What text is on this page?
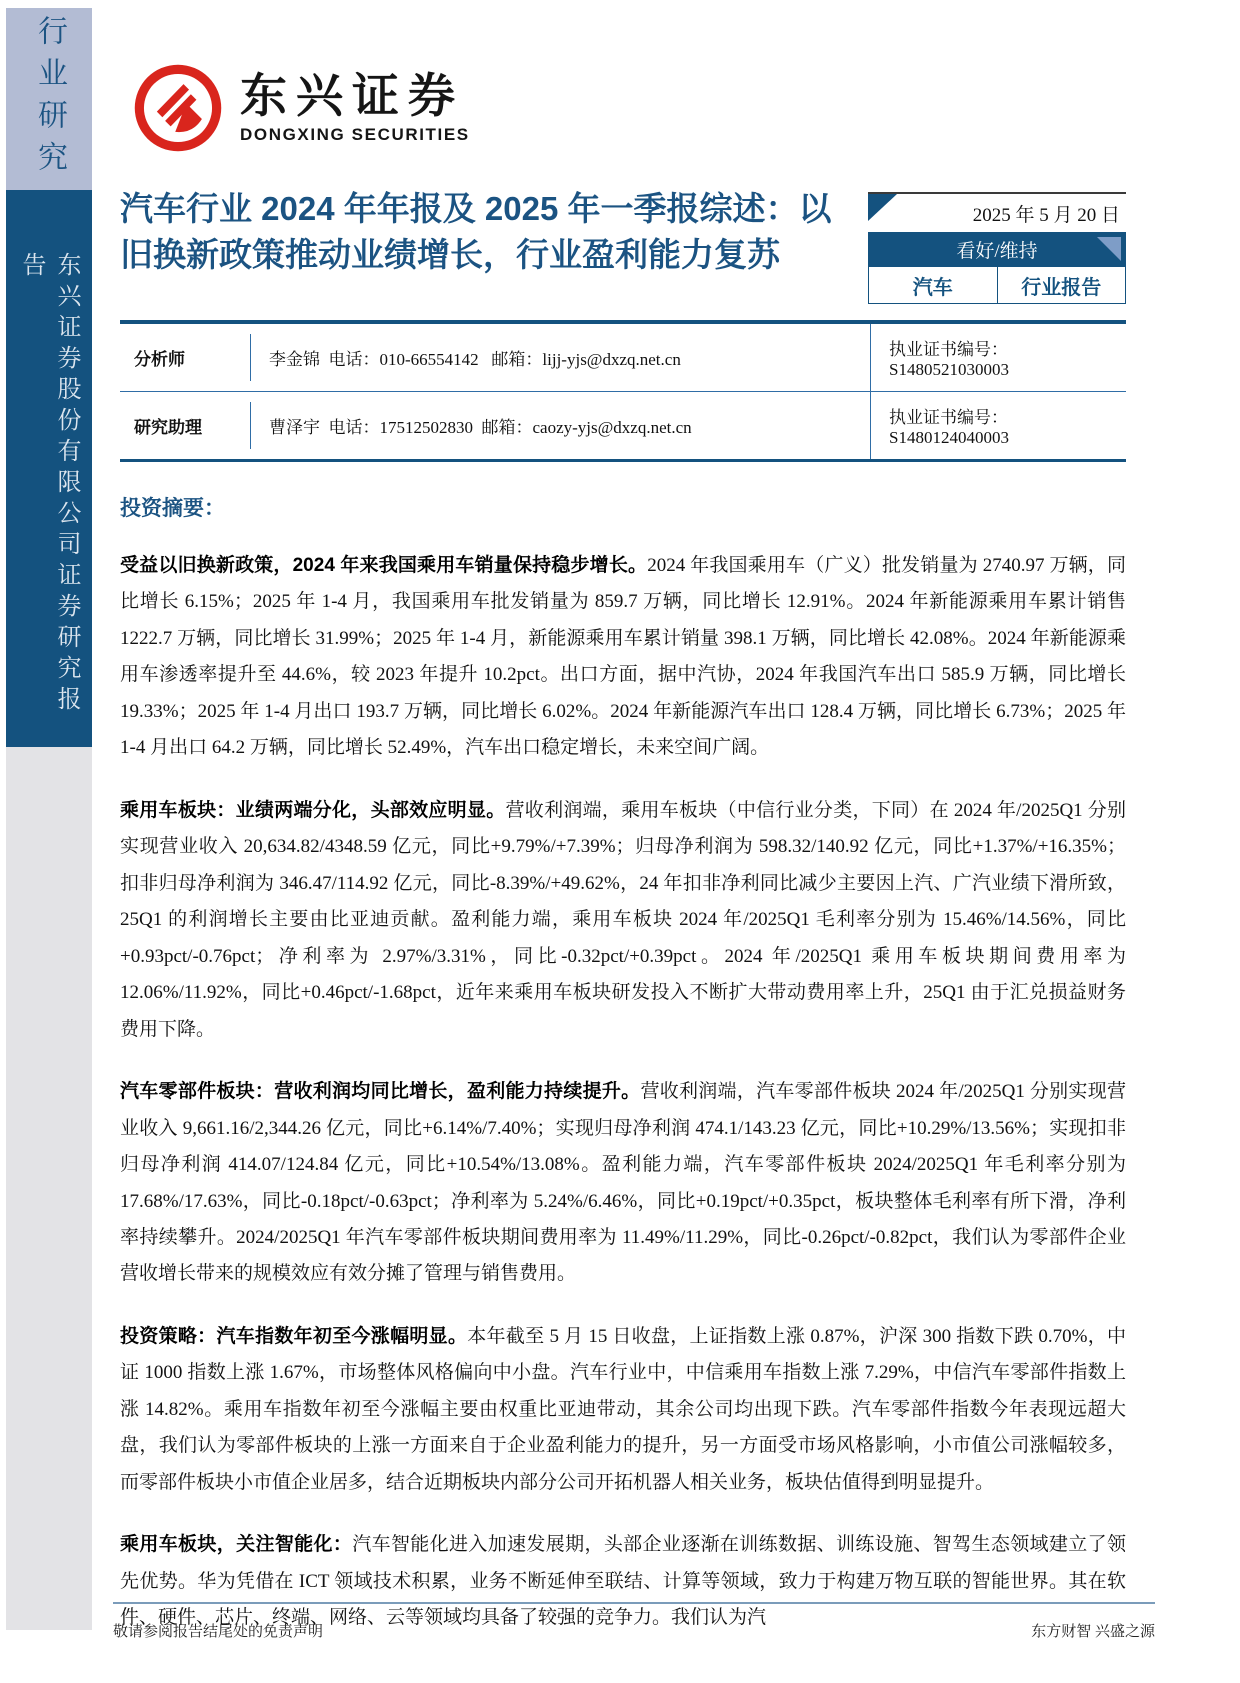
行业研究
东兴证券股份有限公司证券研究报告
东兴证券
DONGXING SECURITIES
汽车行业 2024 年年报及 2025 年一季报综述：以旧换新政策推动业绩增长，行业盈利能力复苏
2025 年 5 月 20 日
看好/维持
汽车	行业报告
分析师	李金锦  电话：010-66554142   邮箱：lijj-yjs@dxzq.net.cn
执业证书编号：S1480521030003
研究助理	曹泽宇  电话：17512502830  邮箱：caozy-yjs@dxzq.net.cn
执业证书编号：S1480124040003
投资摘要：

受益以旧换新政策，2024 年来我国乘用车销量保持稳步增长。2024 年我国乘用车（广义）批发销量为 2740.97 万辆，同比增长 6.15%；2025 年 1-4 月，我国乘用车批发销量为 859.7 万辆，同比增长 12.91%。2024 年新能源乘用车累计销售 1222.7 万辆，同比增长 31.99%；2025 年 1-4 月，新能源乘用车累计销量 398.1 万辆，同比增长 42.08%。2024 年新能源乘用车渗透率提升至 44.6%，较 2023 年提升 10.2pct。出口方面，据中汽协，2024 年我国汽车出口 585.9 万辆，同比增长 19.33%；2025 年 1-4 月出口 193.7 万辆，同比增长 6.02%。2024 年新能源汽车出口 128.4 万辆，同比增长 6.73%；2025 年 1-4 月出口 64.2 万辆，同比增长 52.49%，汽车出口稳定增长，未来空间广阔。

乘用车板块：业绩两端分化，头部效应明显。营收利润端，乘用车板块（中信行业分类，下同）在 2024 年/2025Q1 分别实现营业收入 20,634.82/4348.59 亿元，同比+9.79%/+7.39%；归母净利润为 598.32/140.92 亿元，同比+1.37%/+16.35%；扣非归母净利润为 346.47/114.92 亿元，同比-8.39%/+49.62%，24 年扣非净利同比减少主要因上汽、广汽业绩下滑所致，25Q1 的利润增长主要由比亚迪贡献。盈利能力端，乘用车板块 2024 年/2025Q1 毛利率分别为 15.46%/14.56%，同比+0.93pct/-0.76pct；净利率为 2.97%/3.31%，同比-0.32pct/+0.39pct。2024 年/2025Q1 乘用车板块期间费用率为 12.06%/11.92%，同比+0.46pct/-1.68pct，近年来乘用车板块研发投入不断扩大带动费用率上升，25Q1 由于汇兑损益财务费用下降。

汽车零部件板块：营收利润均同比增长，盈利能力持续提升。营收利润端，汽车零部件板块 2024 年/2025Q1 分别实现营业收入 9,661.16/2,344.26 亿元，同比+6.14%/7.40%；实现归母净利润 474.1/143.23 亿元，同比+10.29%/13.56%；实现扣非归母净利润 414.07/124.84 亿元，同比+10.54%/13.08%。盈利能力端，汽车零部件板块 2024/2025Q1 年毛利率分别为 17.68%/17.63%，同比-0.18pct/-0.63pct；净利率为 5.24%/6.46%，同比+0.19pct/+0.35pct，板块整体毛利率有所下滑，净利率持续攀升。2024/2025Q1 年汽车零部件板块期间费用率为 11.49%/11.29%，同比-0.26pct/-0.82pct，我们认为零部件企业营收增长带来的规模效应有效分摊了管理与销售费用。

投资策略：汽车指数年初至今涨幅明显。本年截至 5 月 15 日收盘，上证指数上涨 0.87%，沪深 300 指数下跌 0.70%，中证 1000 指数上涨 1.67%，市场整体风格偏向中小盘。汽车行业中，中信乘用车指数上涨 7.29%，中信汽车零部件指数上涨 14.82%。乘用车指数年初至今涨幅主要由权重比亚迪带动，其余公司均出现下跌。汽车零部件指数今年表现远超大盘，我们认为零部件板块的上涨一方面来自于企业盈利能力的提升，另一方面受市场风格影响，小市值公司涨幅较多，而零部件板块小市值企业居多，结合近期板块内部分公司开拓机器人相关业务，板块估值得到明显提升。

乘用车板块，关注智能化：汽车智能化进入加速发展期，头部企业逐渐在训练数据、训练设施、智驾生态领域建立了领先优势。华为凭借在 ICT 领域技术积累，业务不断延伸至联结、计算等领域，致力于构建万物互联的智能世界。其在软件、硬件、芯片、终端、网络、云等领域均具备了较强的竞争力。我们认为汽

敬请参阅报告结尾处的免责声明	东方财智 兴盛之源
